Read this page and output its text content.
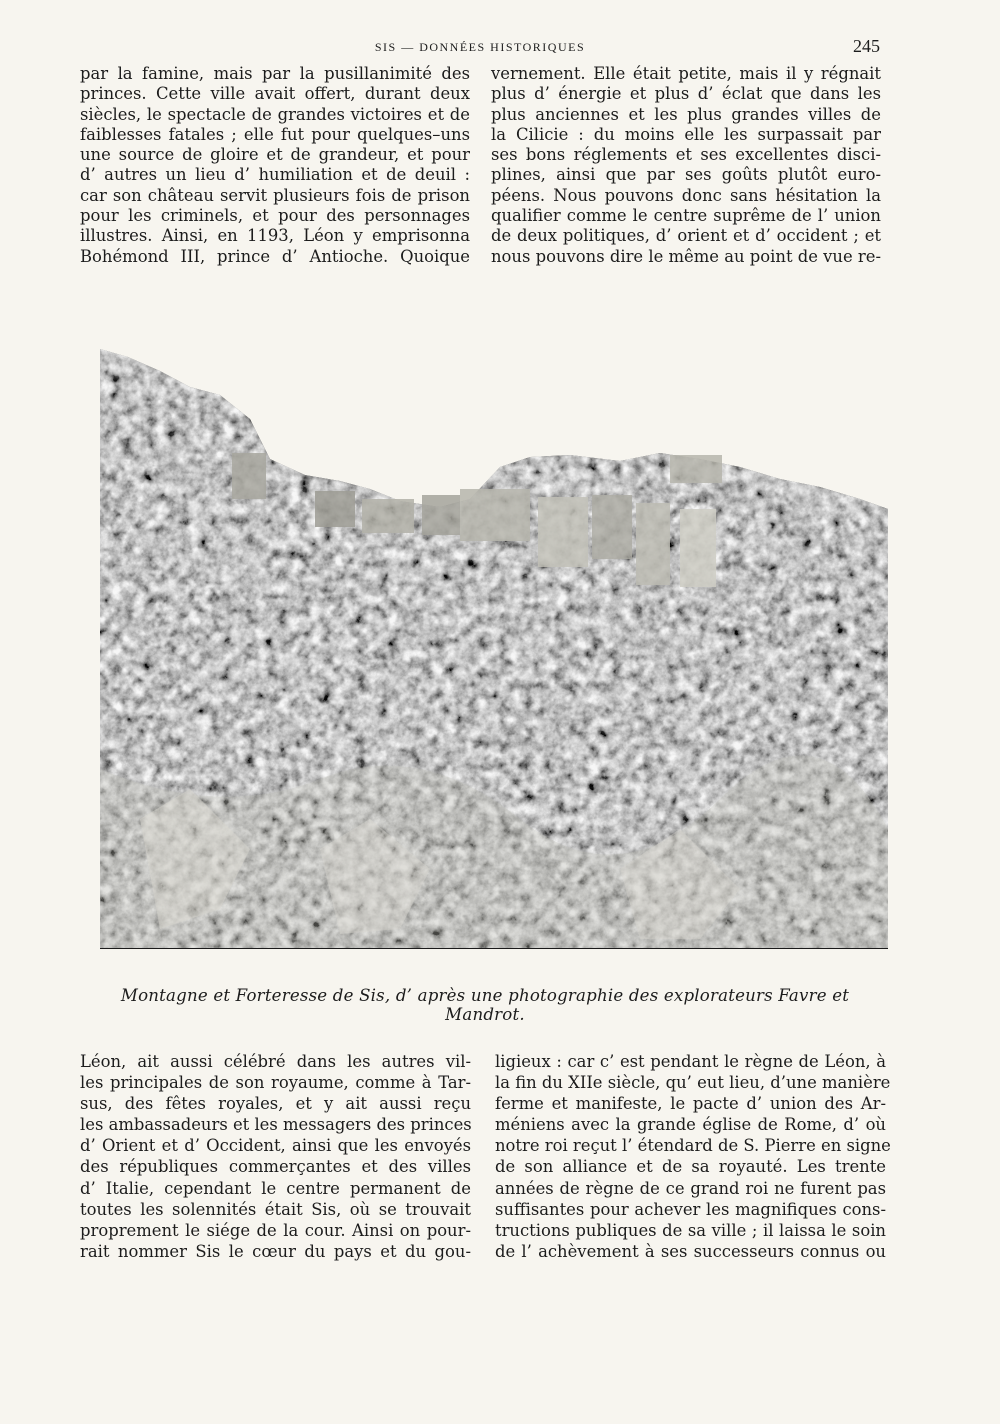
SIS — DONNÉES HISTORIQUES	245
par la famine, mais par la pusillanimité des
princes. Cette ville avait offert, durant deux
siècles, le spectacle de grandes victoires et de
faiblesses fatales ; elle fut pour quelques–uns
une source de gloire et de grandeur, et pour
d’ autres un lieu d’ humiliation et de deuil :
car son château servit plusieurs fois de prison
pour les criminels, et pour des personnages
illustres. Ainsi, en 1193, Léon y emprisonna
Bohémond III, prince d’ Antioche. Quoique
vernement. Elle était petite, mais il y régnait
plus d’ énergie et plus d’ éclat que dans les
plus anciennes et les plus grandes villes de
la Cilicie : du moins elle les surpassait par
ses bons réglements et ses excellentes disci-
plines, ainsi que par ses goûts plutôt euro-
péens. Nous pouvons donc sans hésitation la
qualifier comme le centre suprême de l’ union
de deux politiques, d’ orient et d’ occident ; et
nous pouvons dire le même au point de vue re-
Montagne et Forteresse de Sis, d’ après une photographie des explorateurs Favre et Mandrot.
Léon, ait aussi célébré dans les autres vil-
les principales de son royaume, comme à Tar-
sus, des fêtes royales, et y ait aussi reçu
les ambassadeurs et les messagers des princes
d’ Orient et d’ Occident, ainsi que les envoyés
des républiques commerçantes et des villes
d’ Italie, cependant le centre permanent de
toutes les solennités était Sis, où se trouvait
proprement le siége de la cour. Ainsi on pour-
rait nommer Sis le cœur du pays et du gou-
ligieux : car c’ est pendant le règne de Léon, à
la fin du XIIe siècle, qu’ eut lieu, d’une manière
ferme et manifeste, le pacte d’ union des Ar-
méniens avec la grande église de Rome, d’ où
notre roi reçut l’ étendard de S. Pierre en signe
de son alliance et de sa royauté. Les trente
années de règne de ce grand roi ne furent pas
suffisantes pour achever les magnifiques cons-
tructions publiques de sa ville ; il laissa le soin
de l’ achèvement à ses successeurs connus ou
